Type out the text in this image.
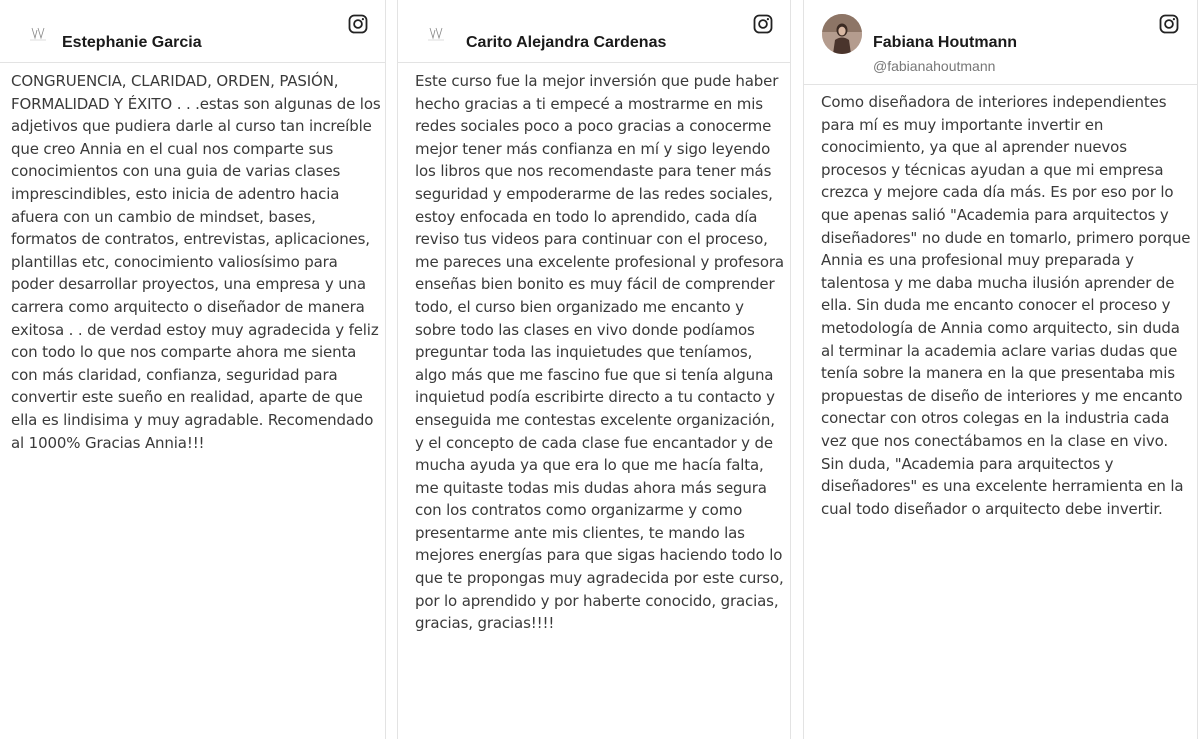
Estephanie Garcia

CONGRUENCIA, CLARIDAD, ORDEN, PASIÓN, FORMALIDAD Y ÉXITO . . .estas son algunas de los adjetivos que pudiera darle al curso tan increíble que creo Annia en el cual nos comparte sus conocimientos con una guia de varias clases imprescindibles, esto inicia de adentro hacia afuera con un cambio de mindset, bases, formatos de contratos, entrevistas, aplicaciones, plantillas etc, conocimiento valiosísimo para poder desarrollar proyectos, una empresa y una carrera como arquitecto o diseñador de manera exitosa . . de verdad estoy muy agradecida y feliz con todo lo que nos comparte ahora me sienta con más claridad, confianza, seguridad para convertir este sueño en realidad, aparte de que ella es lindisima y muy agradable. Recomendado al 1000% Gracias Annia!!!

Carito Alejandra Cardenas

Este curso fue la mejor inversión que pude haber hecho gracias a ti empecé a mostrarme en mis redes sociales poco a poco gracias a conocerme mejor tener más confianza en mí y sigo leyendo los libros que nos recomendaste para tener más seguridad y empoderarme de las redes sociales, estoy enfocada en todo lo aprendido, cada día reviso tus videos para continuar con el proceso, me pareces una excelente profesional y profesora enseñas bien bonito es muy fácil de comprender todo, el curso bien organizado me encanto y sobre todo las clases en vivo donde podíamos preguntar toda las inquietudes que teníamos, algo más que me fascino fue que si tenía alguna inquietud podía escribirte directo a tu contacto y enseguida me contestas excelente organización, y el concepto de cada clase fue encantador y de mucha ayuda ya que era lo que me hacía falta, me quitaste todas mis dudas ahora más segura con los contratos como organizarme y como presentarme ante mis clientes, te mando las mejores energías para que sigas haciendo todo lo que te propongas muy agradecida por este curso, por lo aprendido y por haberte conocido, gracias, gracias, gracias!!!!

Fabiana Houtmann
@fabianahoutmann

Como diseñadora de interiores independientes para mí es muy importante invertir en conocimiento, ya que al aprender nuevos procesos y técnicas ayudan a que mi empresa crezca y mejore cada día más. Es por eso por lo que apenas salió "Academia para arquitectos y diseñadores" no dude en tomarlo, primero porque Annia es una profesional muy preparada y talentosa y me daba mucha ilusión aprender de ella. Sin duda me encanto conocer el proceso y metodología de Annia como arquitecto, sin duda al terminar la academia aclare varias dudas que tenía sobre la manera en la que presentaba mis propuestas de diseño de interiores y me encanto conectar con otros colegas en la industria cada vez que nos conectábamos en la clase en vivo. Sin duda, "Academia para arquitectos y diseñadores" es una excelente herramienta en la cual todo diseñador o arquitecto debe invertir.
